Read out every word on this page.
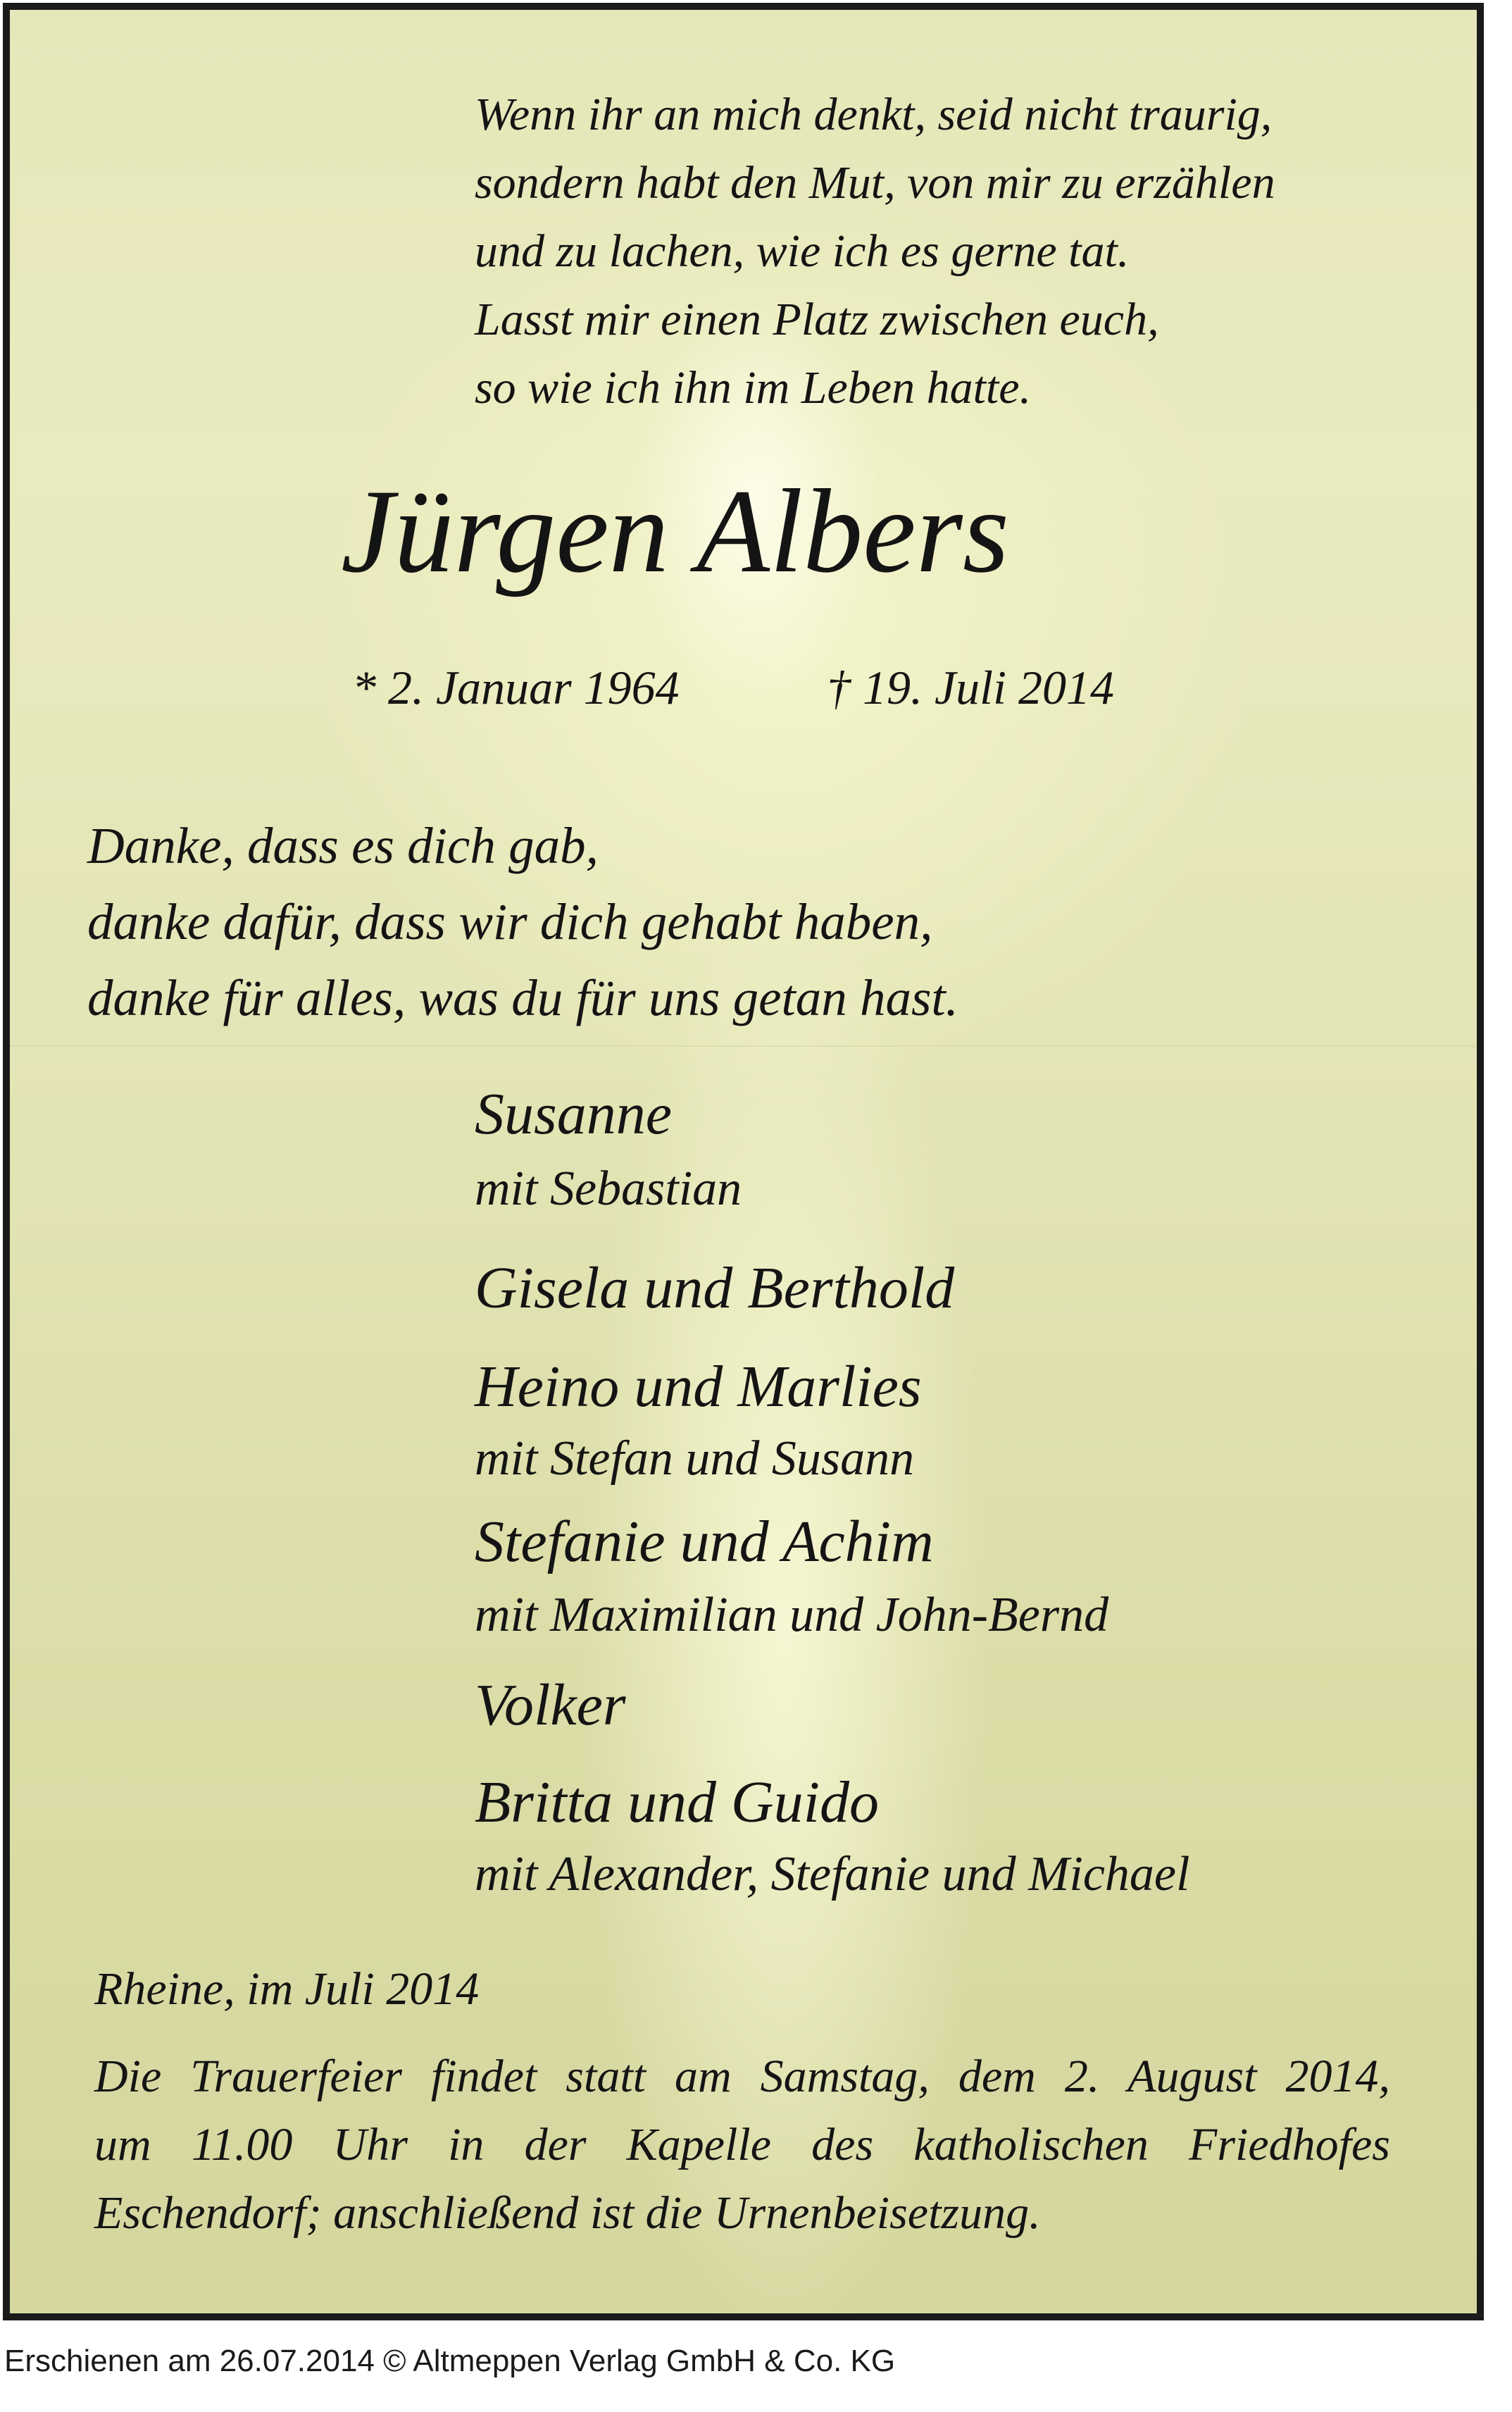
Wenn ihr an mich denkt, seid nicht traurig,
sondern habt den Mut, von mir zu erzählen
und zu lachen, wie ich es gerne tat.
Lasst mir einen Platz zwischen euch,
so wie ich ihn im Leben hatte.

Jürgen Albers
* 2. Januar 1964	† 19. Juli 2014

Danke, dass es dich gab,
danke dafür, dass wir dich gehabt haben,
danke für alles, was du für uns getan hast.

Susanne
mit Sebastian
Gisela und Berthold
Heino und Marlies
mit Stefan und Susann
Stefanie und Achim
mit Maximilian und John-Bernd
Volker
Britta und Guido
mit Alexander, Stefanie und Michael
Rheine, im Juli 2014
Die Trauerfeier findet statt am Samstag, dem 2. August 2014,
um 11.00 Uhr in der Kapelle des katholischen Friedhofes
Eschendorf; anschließend ist die Urnenbeisetzung.
Erschienen am 26.07.2014 © Altmeppen Verlag GmbH & Co. KG
